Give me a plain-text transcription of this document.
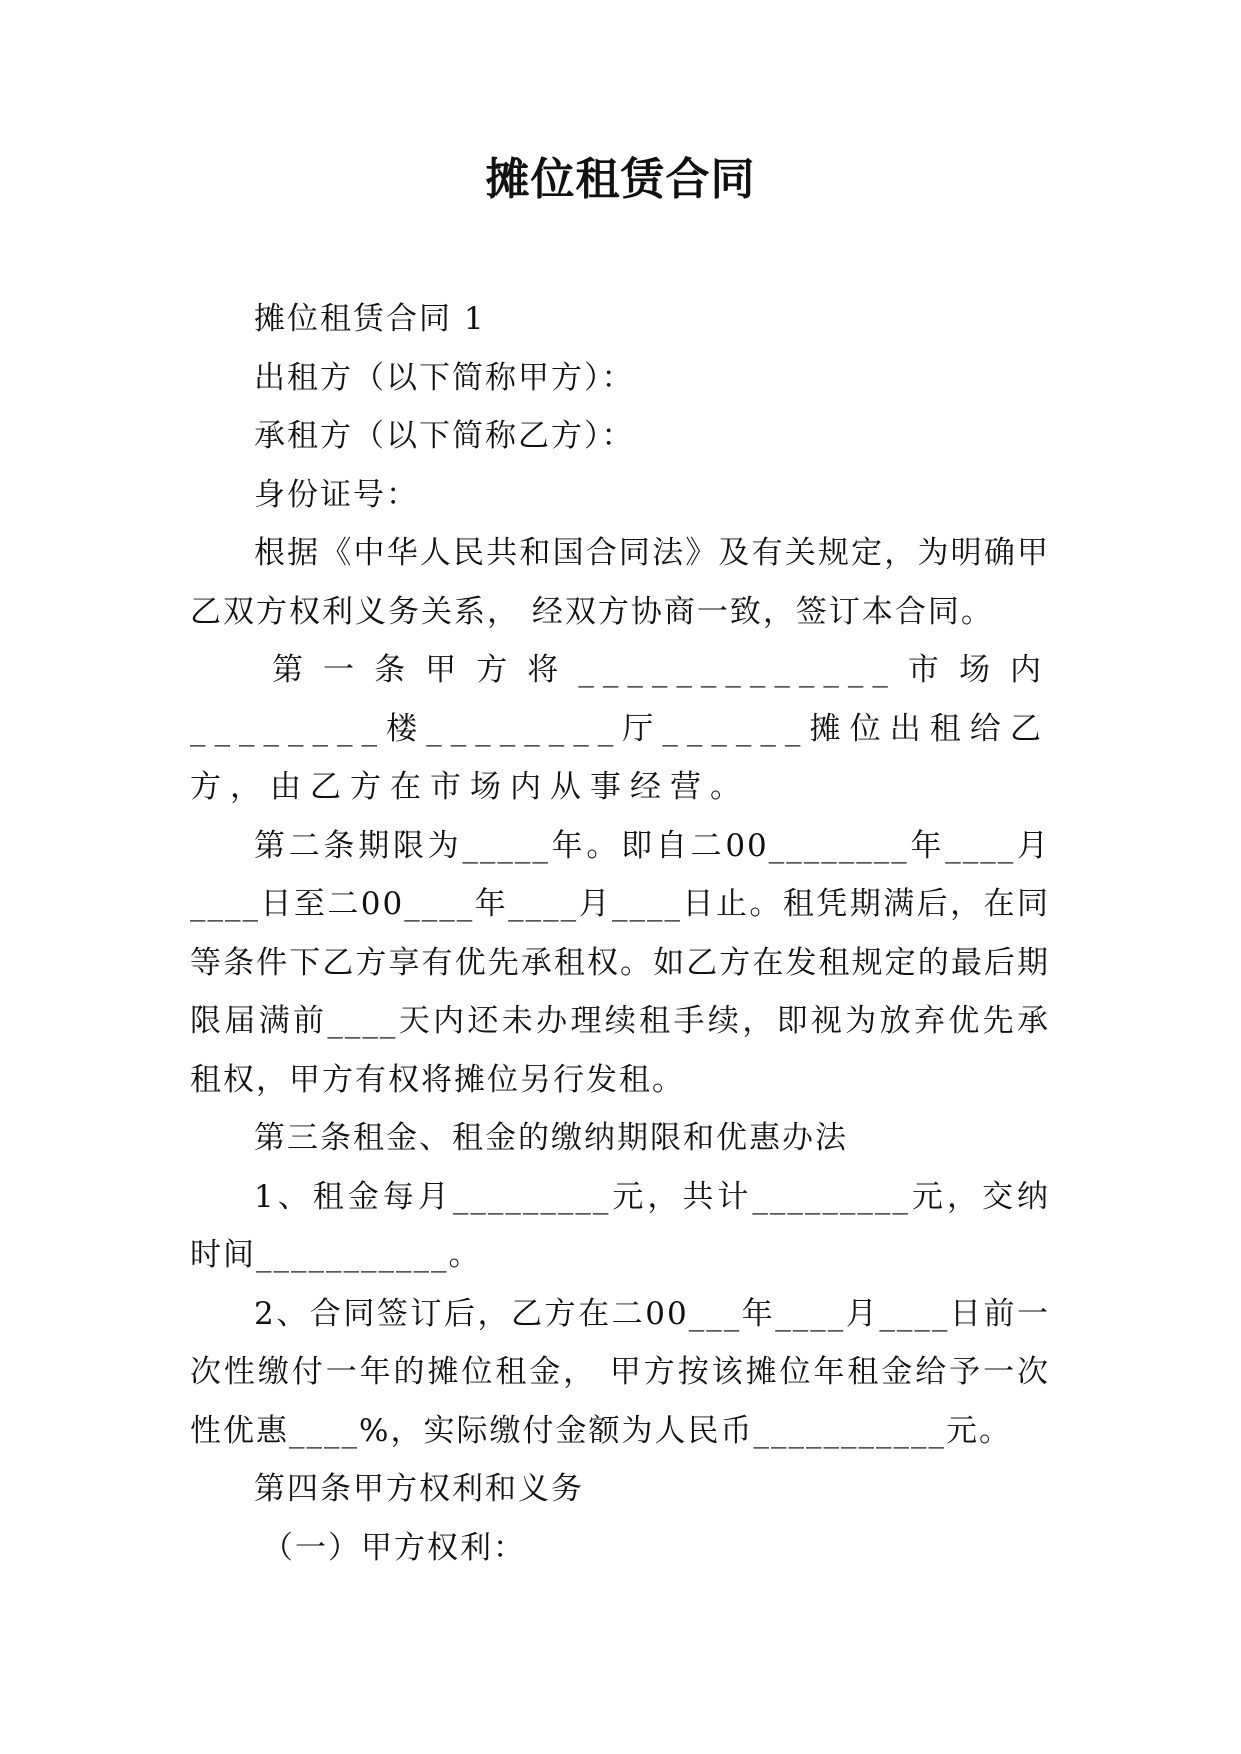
摊位租赁合同

摊位租赁合同 1

出租方（以下简称甲方）：

承租方（以下简称乙方）：

身份证号：

根据《中华人民共和国合同法》及有关规定，为明确甲乙双方权利义务关系， 经双方协商一致，签订本合同。

第一条甲方将_____________市场内________楼________厅______摊位出租给乙方，由乙方在市场内从事经营。

第二条期限为_____年。即自二00________年____月____日至二00____年____月____日止。租凭期满后，在同等条件下乙方享有优先承租权。如乙方在发租规定的最后期限届满前____天内还未办理续租手续，即视为放弃优先承租权，甲方有权将摊位另行发租。

第三条租金、租金的缴纳期限和优惠办法

1、租金每月_________元，共计_________元，交纳时间___________。

2、合同签订后，乙方在二00___年____月____日前一次性缴付一年的摊位租金， 甲方按该摊位年租金给予一次性优惠____%，实际缴付金额为人民币___________元。

第四条甲方权利和义务

（一）甲方权利：
